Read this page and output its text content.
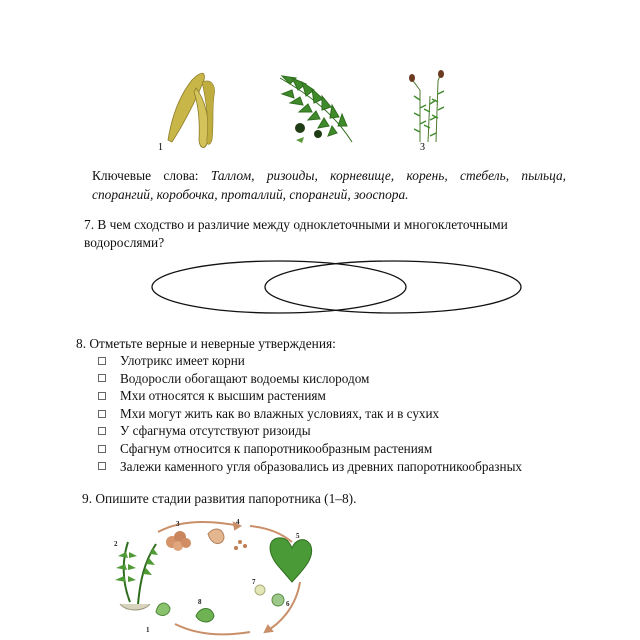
1	3
Ключевые слова: Таллом, ризоиды, корневище, корень, стебель, пыльца, спорангий, коробочка, проталлий, спорангий, зооспора.
7. В чем сходство и различие между одноклеточными и многоклеточными водорослями?
8. Отметьте верные и неверные утверждения:
Улотрикс имеет корни
Водоросли обогащают водоемы кислородом
Мхи относятся к высшим растениям
Мхи могут жить как во влажных условиях, так и в сухих
У сфагнума отсутствуют ризоиды
Сфагнум относится к папоротникообразным растениям
Залежи каменного угля образовались из древних папоротникообразных
9. Опишите стадии развития папоротника (1–8).
1
2
3	4
5
6
7
8
